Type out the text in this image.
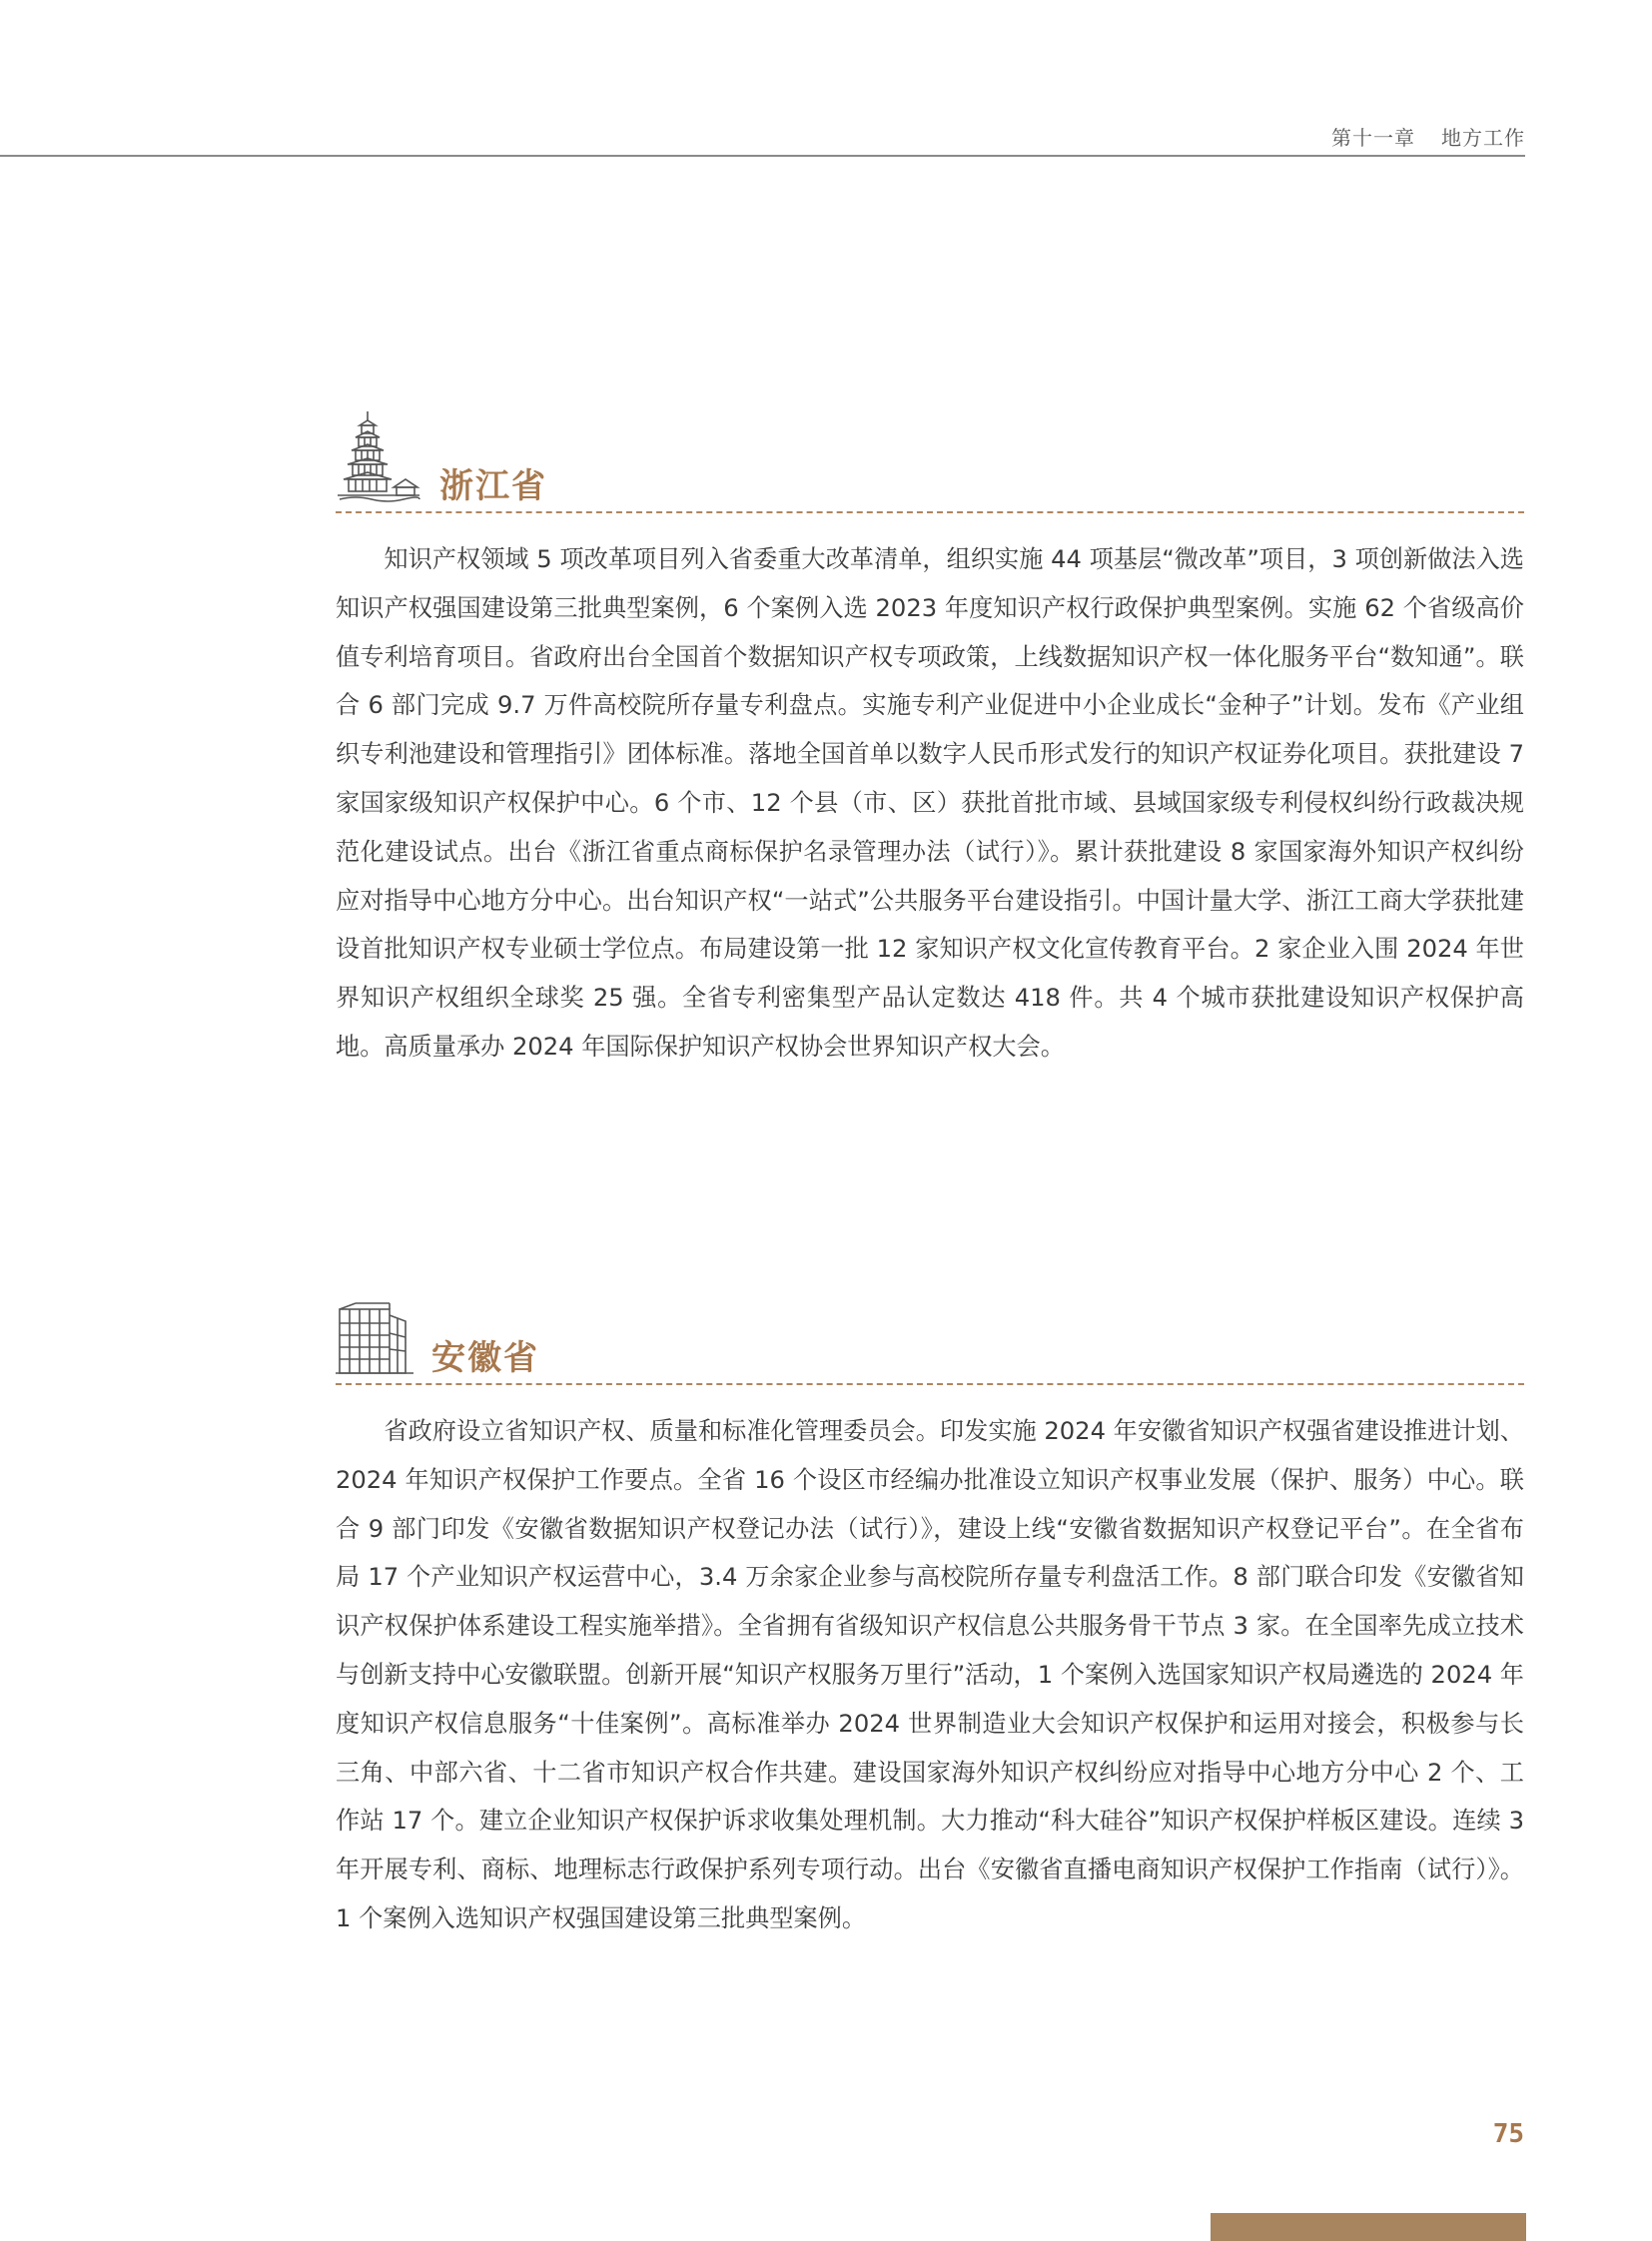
第十一章 地方工作
浙江省

知识产权领域 5 项改革项目列入省委重大改革清单，组织实施 44 项基层“微改革”项目，3 项创新做法入选知识产权强国建设第三批典型案例，6 个案例入选 2023 年度知识产权行政保护典型案例。实施 62 个省级高价值专利培育项目。省政府出台全国首个数据知识产权专项政策，上线数据知识产权一体化服务平台“数知通”。联合 6 部门完成 9.7 万件高校院所存量专利盘点。实施专利产业促进中小企业成长“金种子”计划。发布《产业组织专利池建设和管理指引》团体标准。落地全国首单以数字人民币形式发行的知识产权证券化项目。获批建设 7 家国家级知识产权保护中心。6 个市、12 个县（市、区）获批首批市域、县域国家级专利侵权纠纷行政裁决规范化建设试点。出台《浙江省重点商标保护名录管理办法（试行）》。累计获批建设 8 家国家海外知识产权纠纷应对指导中心地方分中心。出台知识产权“一站式”公共服务平台建设指引。中国计量大学、浙江工商大学获批建设首批知识产权专业硕士学位点。布局建设第一批 12 家知识产权文化宣传教育平台。2 家企业入围 2024 年世界知识产权组织全球奖 25 强。全省专利密集型产品认定数达 418 件。共 4 个城市获批建设知识产权保护高地。高质量承办 2024 年国际保护知识产权协会世界知识产权大会。

安徽省

省政府设立省知识产权、质量和标准化管理委员会。印发实施 2024 年安徽省知识产权强省建设推进计划、2024 年知识产权保护工作要点。全省 16 个设区市经编办批准设立知识产权事业发展（保护、服务）中心。联合 9 部门印发《安徽省数据知识产权登记办法（试行）》，建设上线“安徽省数据知识产权登记平台”。在全省布局 17 个产业知识产权运营中心，3.4 万余家企业参与高校院所存量专利盘活工作。8 部门联合印发《安徽省知识产权保护体系建设工程实施举措》。全省拥有省级知识产权信息公共服务骨干节点 3 家。在全国率先成立技术与创新支持中心安徽联盟。创新开展“知识产权服务万里行”活动，1 个案例入选国家知识产权局遴选的 2024 年度知识产权信息服务“十佳案例”。高标准举办 2024 世界制造业大会知识产权保护和运用对接会，积极参与长三角、中部六省、十二省市知识产权合作共建。建设国家海外知识产权纠纷应对指导中心地方分中心 2 个、工作站 17 个。建立企业知识产权保护诉求收集处理机制。大力推动“科大硅谷”知识产权保护样板区建设。连续 3 年开展专利、商标、地理标志行政保护系列专项行动。出台《安徽省直播电商知识产权保护工作指南（试行）》。1 个案例入选知识产权强国建设第三批典型案例。

75
